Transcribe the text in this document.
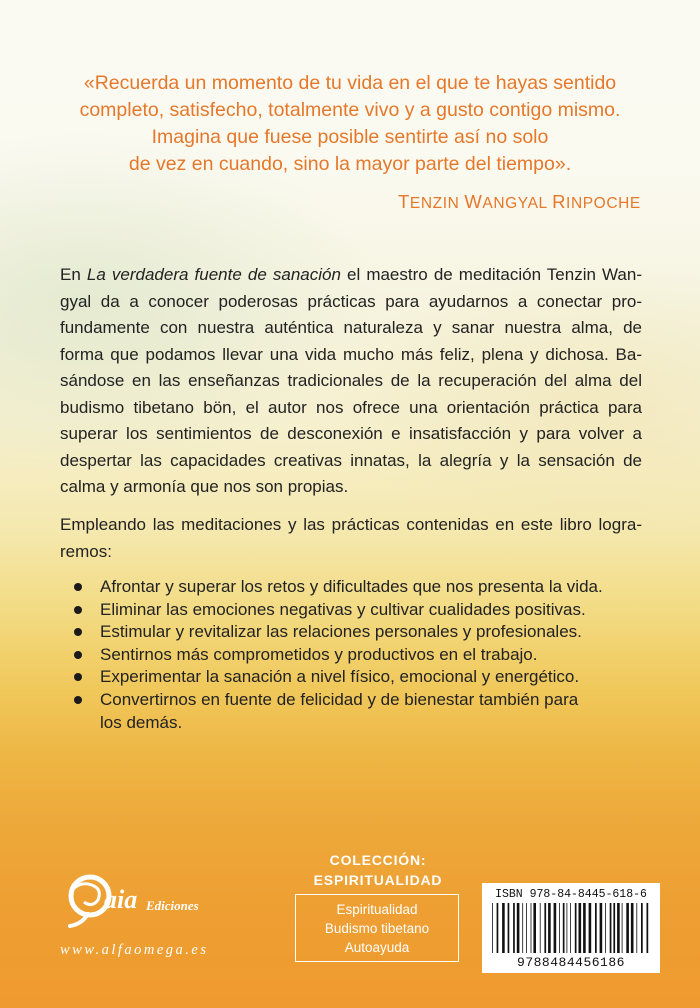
«Recuerda un momento de tu vida en el que te hayas sentido
completo, satisfecho, totalmente vivo y a gusto contigo mismo.
Imagina que fuese posible sentirte así no solo
de vez en cuando, sino la mayor parte del tiempo».
TENZIN WANGYAL RINPOCHE
En La verdadera fuente de sanación el maestro de meditación Tenzin Wan-
gyal da a conocer poderosas prácticas para ayudarnos a conectar pro-
fundamente con nuestra auténtica naturaleza y sanar nuestra alma, de
forma que podamos llevar una vida mucho más feliz, plena y dichosa. Ba-
sándose en las enseñanzas tradicionales de la recuperación del alma del
budismo tibetano bön, el autor nos ofrece una orientación práctica para
superar los sentimientos de desconexión e insatisfacción y para volver a
despertar las capacidades creativas innatas, la alegría y la sensación de
calma y armonía que nos son propias.
Empleando las meditaciones y las prácticas contenidas en este libro logra-
remos:
Afrontar y superar los retos y dificultades que nos presenta la vida.
Eliminar las emociones negativas y cultivar cualidades positivas.
Estimular y revitalizar las relaciones personales y profesionales.
Sentirnos más comprometidos y productivos en el trabajo.
Experimentar la sanación a nivel físico, emocional y energético.
Convertirnos en fuente de felicidad y de bienestar también para
los demás.
aia Ediciones
www.alfaomega.es
COLECCIÓN:
ESPIRITUALIDAD
Espiritualidad
Budismo tibetano
Autoayuda
ISBN 978-84-8445-618-6
9788484456186
